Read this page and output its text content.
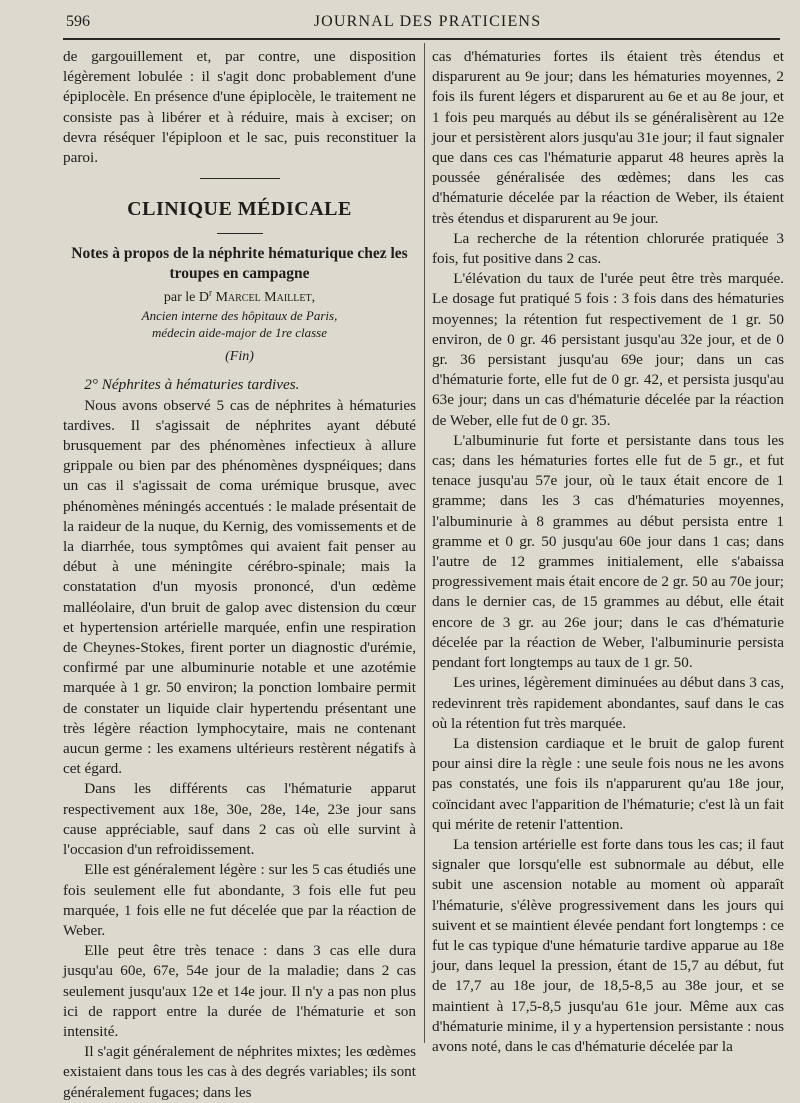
596	JOURNAL DES PRATICIENS

de gargouillement et, par contre, une disposition légèrement lobulée : il s'agit donc probablement d'une épiplocèle. En présence d'une épiplocèle, le traitement ne consiste pas à libérer et à réduire, mais à exciser; on devra réséquer l'épiploon et le sac, puis reconstituer la paroi.

CLINIQUE MÉDICALE
Notes à propos de la néphrite hématurique chez les troupes en campagne
par le $D^r$ Marcel Maillet,
Ancien interne des hôpitaux de Paris,
médecin aide-major de 1re classe
(Fin)

2° Néphrites à hématuries tardives.

Nous avons observé 5 cas de néphrites à hématuries tardives. Il s'agissait de néphrites ayant débuté brusquement par des phénomènes infectieux à allure grippale ou bien par des phénomènes dyspnéiques; dans un cas il s'agissait de coma urémique brusque, avec phénomènes méningés accentués : le malade présentait de la raideur de la nuque, du Kernig, des vomissements et de la diarrhée, tous symptômes qui avaient fait penser au début à une méningite cérébro-spinale; mais la constatation d'un myosis prononcé, d'un œdème malléolaire, d'un bruit de galop avec distension du cœur et hypertension artérielle marquée, enfin une respiration de Cheynes-Stokes, firent porter un diagnostic d'urémie, confirmé par une albuminurie notable et une azotémie marquée à 1 gr. 50 environ; la ponction lombaire permit de constater un liquide clair hypertendu présentant une très légère réaction lymphocytaire, mais ne contenant aucun germe : les examens ultérieurs restèrent négatifs à cet égard.

Dans les différents cas l'hématurie apparut respectivement aux 18e, 30e, 28e, 14e, 23e jour sans cause appréciable, sauf dans 2 cas où elle survint à l'occasion d'un refroidissement.

Elle est généralement légère : sur les 5 cas étudiés une fois seulement elle fut abondante, 3 fois elle fut peu marquée, 1 fois elle ne fut décelée que par la réaction de Weber.

Elle peut être très tenace : dans 3 cas elle dura jusqu'au 60e, 67e, 54e jour de la maladie; dans 2 cas seulement jusqu'aux 12e et 14e jour. Il n'y a pas non plus ici de rapport entre la durée de l'hématurie et son intensité.

Il s'agit généralement de néphrites mixtes; les œdèmes existaient dans tous les cas à des degrés variables; ils sont généralement fugaces; dans les

cas d'hématuries fortes ils étaient très étendus et disparurent au 9e jour; dans les hématuries moyennes, 2 fois ils furent légers et disparurent au 6e et au 8e jour, et 1 fois peu marqués au début ils se généralisèrent au 12e jour et persistèrent alors jusqu'au 31e jour; il faut signaler que dans ces cas l'hématurie apparut 48 heures après la poussée généralisée des œdèmes; dans les cas d'hématurie décelée par la réaction de Weber, ils étaient très étendus et disparurent au 9e jour.

La recherche de la rétention chlorurée pratiquée 3 fois, fut positive dans 2 cas.

L'élévation du taux de l'urée peut être très marquée. Le dosage fut pratiqué 5 fois : 3 fois dans des hématuries moyennes; la rétention fut respectivement de 1 gr. 50 environ, de 0 gr. 46 persistant jusqu'au 32e jour, et de 0 gr. 36 persistant jusqu'au 69e jour; dans un cas d'hématurie forte, elle fut de 0 gr. 42, et persista jusqu'au 63e jour; dans un cas d'hématurie décelée par la réaction de Weber, elle fut de 0 gr. 35.

L'albuminurie fut forte et persistante dans tous les cas; dans les hématuries fortes elle fut de 5 gr., et fut tenace jusqu'au 57e jour, où le taux était encore de 1 gramme; dans les 3 cas d'hématuries moyennes, l'albuminurie à 8 grammes au début persista entre 1 gramme et 0 gr. 50 jusqu'au 60e jour dans 1 cas; dans l'autre de 12 grammes initialement, elle s'abaissa progressivement mais était encore de 2 gr. 50 au 70e jour; dans le dernier cas, de 15 grammes au début, elle était encore de 3 gr. au 26e jour; dans le cas d'hématurie décelée par la réaction de Weber, l'albuminurie persista pendant fort longtemps au taux de 1 gr. 50.

Les urines, légèrement diminuées au début dans 3 cas, redevinrent très rapidement abondantes, sauf dans le cas où la rétention fut très marquée.

La distension cardiaque et le bruit de galop furent pour ainsi dire la règle : une seule fois nous ne les avons pas constatés, une fois ils n'apparurent qu'au 18e jour, coïncidant avec l'apparition de l'hématurie; c'est là un fait qui mérite de retenir l'attention.

La tension artérielle est forte dans tous les cas; il faut signaler que lorsqu'elle est subnormale au début, elle subit une ascension notable au moment où apparaît l'hématurie, s'élève progressivement dans les jours qui suivent et se maintient élevée pendant fort longtemps : ce fut le cas typique d'une hématurie tardive apparue au 18e jour, dans lequel la pression, étant de 15,7 au début, fut de 17,7 au 18e jour, de 18,5-8,5 au 38e jour, et se maintient à 17,5-8,5 jusqu'au 61e jour. Même aux cas d'hématurie minime, il y a hypertension persistante : nous avons noté, dans le cas d'hématurie décelée par la
